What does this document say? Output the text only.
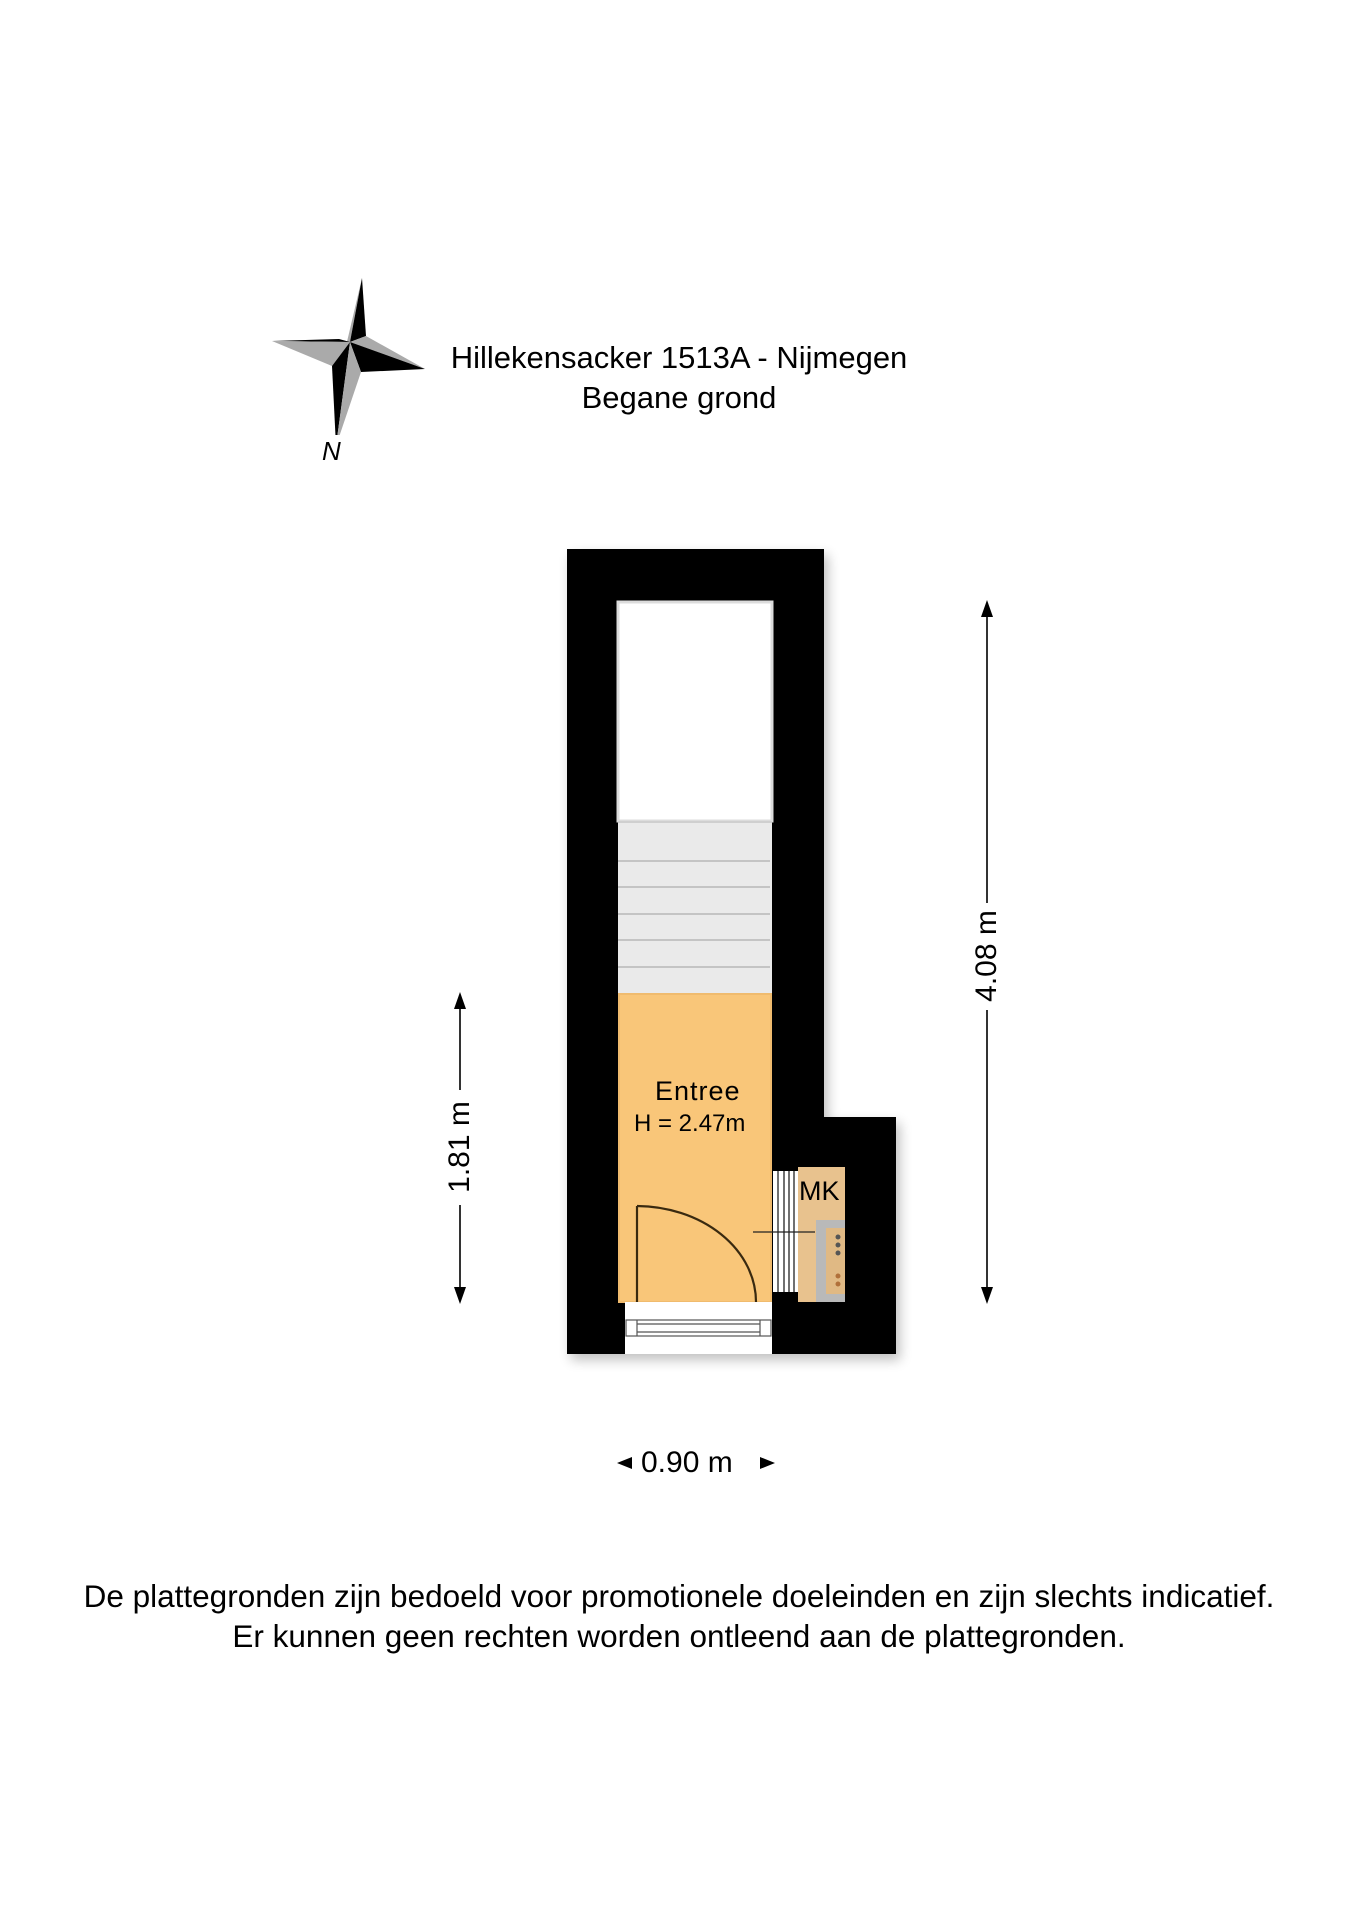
N
Hillekensacker 1513A - Nijmegen
Begane grond
Entree
H = 2.47m
MK
4.08 m
1.81 m
0.90 m
De plattegronden zijn bedoeld voor promotionele doeleinden en zijn slechts indicatief.
Er kunnen geen rechten worden ontleend aan de plattegronden.
